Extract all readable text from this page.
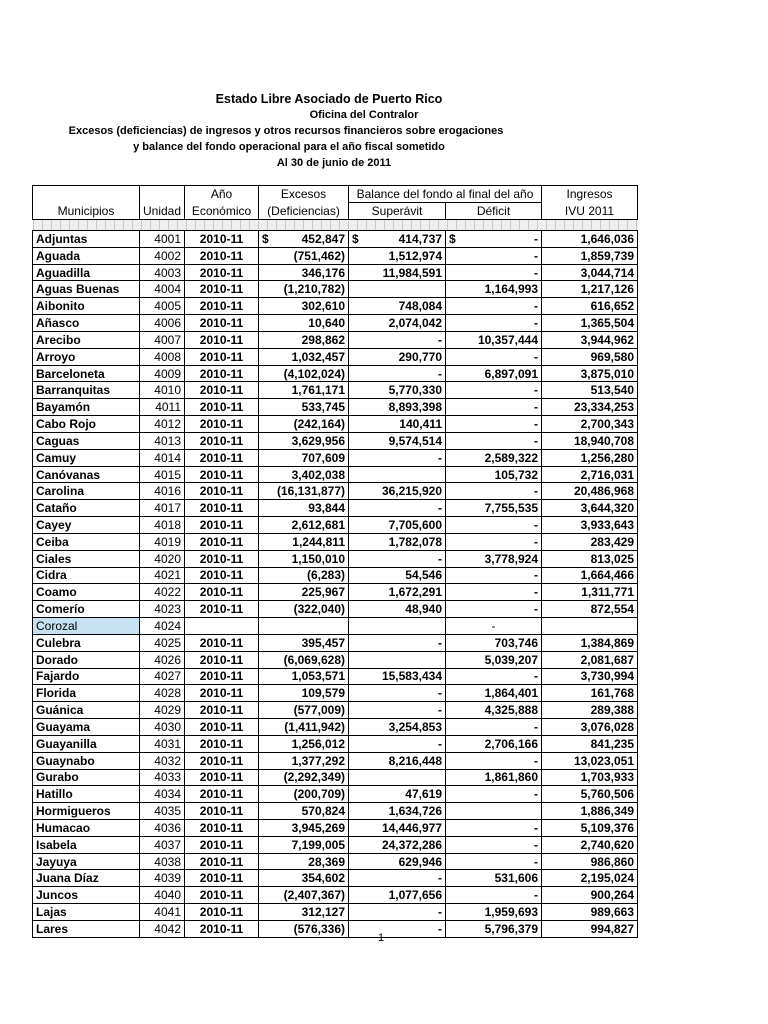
Estado Libre Asociado de Puerto Rico
Oficina del Contralor
Excesos (deficiencias) de ingresos y otros recursos financieros sobre erogaciones
y balance del fondo operacional para el año fiscal sometido
Al 30 de junio de 2011
		Año	Excesos	Balance del fondo al final del año		Ingresos
Municipios	Unidad	Económico	(Deficiencias)	Superávit	Déficit	IVU 2011

Adjuntas	4001	2010-11	$ 452,847	$ 414,737	$ -	1,646,036
Aguada	4002	2010-11	(751,462)	1,512,974	-	1,859,739
Aguadilla	4003	2010-11	346,176	11,984,591	-	3,044,714
Aguas Buenas	4004	2010-11	(1,210,782)		1,164,993	1,217,126
Aibonito	4005	2010-11	302,610	748,084	-	616,652
Añasco	4006	2010-11	10,640	2,074,042	-	1,365,504
Arecibo	4007	2010-11	298,862	-	10,357,444	3,944,962
Arroyo	4008	2010-11	1,032,457	290,770	-	969,580
Barceloneta	4009	2010-11	(4,102,024)	-	6,897,091	3,875,010
Barranquitas	4010	2010-11	1,761,171	5,770,330	-	513,540
Bayamón	4011	2010-11	533,745	8,893,398	-	23,334,253
Cabo Rojo	4012	2010-11	(242,164)	140,411	-	2,700,343
Caguas	4013	2010-11	3,629,956	9,574,514	-	18,940,708
Camuy	4014	2010-11	707,609	-	2,589,322	1,256,280
Canóvanas	4015	2010-11	3,402,038		105,732	2,716,031
Carolina	4016	2010-11	(16,131,877)	36,215,920	-	20,486,968
Cataño	4017	2010-11	93,844	-	7,755,535	3,644,320
Cayey	4018	2010-11	2,612,681	7,705,600	-	3,933,643
Ceiba	4019	2010-11	1,244,811	1,782,078	-	283,429
Ciales	4020	2010-11	1,150,010	-	3,778,924	813,025
Cidra	4021	2010-11	(6,283)	54,546	-	1,664,466
Coamo	4022	2010-11	225,967	1,672,291	-	1,311,771
Comerío	4023	2010-11	(322,040)	48,940	-	872,554
Corozal	4024				-	
Culebra	4025	2010-11	395,457	-	703,746	1,384,869
Dorado	4026	2010-11	(6,069,628)		5,039,207	2,081,687
Fajardo	4027	2010-11	1,053,571	15,583,434	-	3,730,994
Florida	4028	2010-11	109,579	-	1,864,401	161,768
Guánica	4029	2010-11	(577,009)	-	4,325,888	289,388
Guayama	4030	2010-11	(1,411,942)	3,254,853	-	3,076,028
Guayanilla	4031	2010-11	1,256,012	-	2,706,166	841,235
Guaynabo	4032	2010-11	1,377,292	8,216,448	-	13,023,051
Gurabo	4033	2010-11	(2,292,349)		1,861,860	1,703,933
Hatillo	4034	2010-11	(200,709)	47,619	-	5,760,506
Hormigueros	4035	2010-11	570,824	1,634,726		1,886,349
Humacao	4036	2010-11	3,945,269	14,446,977	-	5,109,376
Isabela	4037	2010-11	7,199,005	24,372,286	-	2,740,620
Jayuya	4038	2010-11	28,369	629,946	-	986,860
Juana Díaz	4039	2010-11	354,602	-	531,606	2,195,024
Juncos	4040	2010-11	(2,407,367)	1,077,656	-	900,264
Lajas	4041	2010-11	312,127	-	1,959,693	989,663
Lares	4042	2010-11	(576,336)	-	5,796,379	994,827
1
